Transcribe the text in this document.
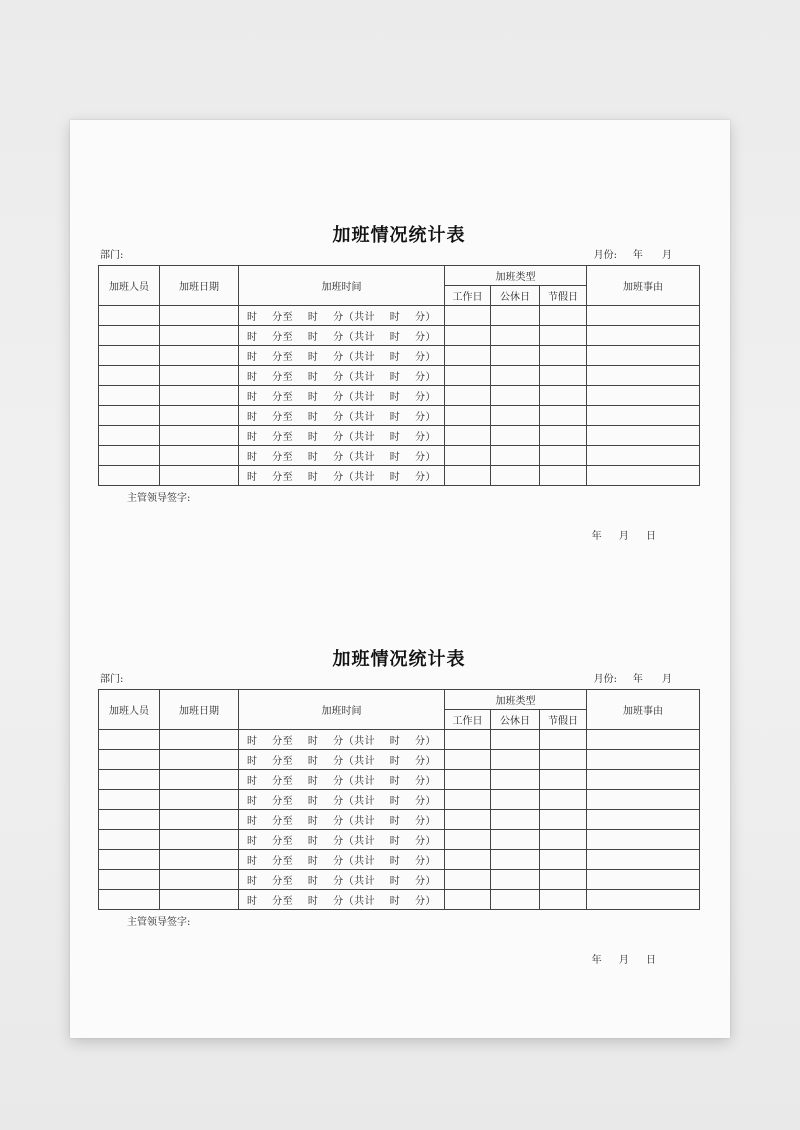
加班情况统计表
部门:	月份:     年      月
加班人员	加班日期	加班时间	加班类型			加班事由
			工作日	公休日	节假日	
		时    分至    时    分（共计    时    分）				
		时    分至    时    分（共计    时    分）				
		时    分至    时    分（共计    时    分）				
		时    分至    时    分（共计    时    分）				
		时    分至    时    分（共计    时    分）				
		时    分至    时    分（共计    时    分）				
		时    分至    时    分（共计    时    分）				
		时    分至    时    分（共计    时    分）				
		时    分至    时    分（共计    时    分）				
主管领导签字:
年 月 日
加班情况统计表
部门:	月份:     年      月
加班人员	加班日期	加班时间	加班类型			加班事由
			工作日	公休日	节假日	
		时    分至    时    分（共计    时    分）				
		时    分至    时    分（共计    时    分）				
		时    分至    时    分（共计    时    分）				
		时    分至    时    分（共计    时    分）				
		时    分至    时    分（共计    时    分）				
		时    分至    时    分（共计    时    分）				
		时    分至    时    分（共计    时    分）				
		时    分至    时    分（共计    时    分）				
		时    分至    时    分（共计    时    分）				
主管领导签字:
年 月 日
